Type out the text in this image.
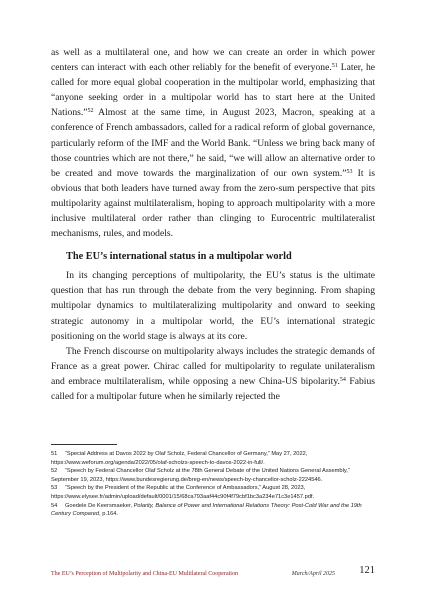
as well as a multilateral one, and how we can create an order in which power centers can interact with each other reliably for the benefit of everyone.$^{51}$ Later, he called for more equal global cooperation in the multipolar world, emphasizing that “anyone seeking order in a multipolar world has to start here at the United Nations.”$^{52}$ Almost at the same time, in August 2023, Macron, speaking at a conference of French ambassadors, called for a radical reform of global governance, particularly reform of the IMF and the World Bank. “Unless we bring back many of those countries which are not there,” he said, “we will allow an alternative order to be created and move towards the marginalization of our own system.”$^{53}$ It is obvious that both leaders have turned away from the zero-sum perspective that pits multipolarity against multilateralism, hoping to approach multipolarity with a more inclusive multilateral order rather than clinging to Eurocentric multilateralist mechanisms, rules, and models.

The EU’s international status in a multipolar world

In its changing perceptions of multipolarity, the EU’s status is the ultimate question that has run through the debate from the very beginning. From shaping multipolar dynamics to multilateralizing multipolarity and onward to seeking strategic autonomy in a multipolar world, the EU’s international strategic positioning on the world stage is always at its core.

The French discourse on multipolarity always includes the strategic demands of France as a great power. Chirac called for multipolarity to regulate unilateralism and embrace multilateralism, while opposing a new China-US bipolarity.$^{54}$ Fabius called for a multipolar future when he similarly rejected the

51 “Special Address at Davos 2022 by Olaf Scholz, Federal Chancellor of Germany,” May 27, 2022, https://www.weforum.org/agenda/2022/05/olaf-scholzs-speech-to-davos-2022-in-full/.

52 “Speech by Federal Chancellor Olaf Scholz at the 78th General Debate of the United Nations General Assembly,” September 19, 2023, https://www.bundesregierung.de/breg-en/news/speech-by-chancellor-scholz-2224546.

53 “Speech by the President of the Republic at the Conference of Ambassadors,” August 28, 2023, https://www.elysee.fr/admin/upload/default/0001/15/68ca793aaf44c90f4f79cbf1bc3a234e71c3e1457.pdf.

54 Goedele De Keersmaeker, Polarity, Balance of Power and International Relations Theory: Post-Cold War and the 19th Century Compared, p.164.

The EU’s Perception of Multipolarity and China-EU Multilateral Cooperation	March/April 2025 121
